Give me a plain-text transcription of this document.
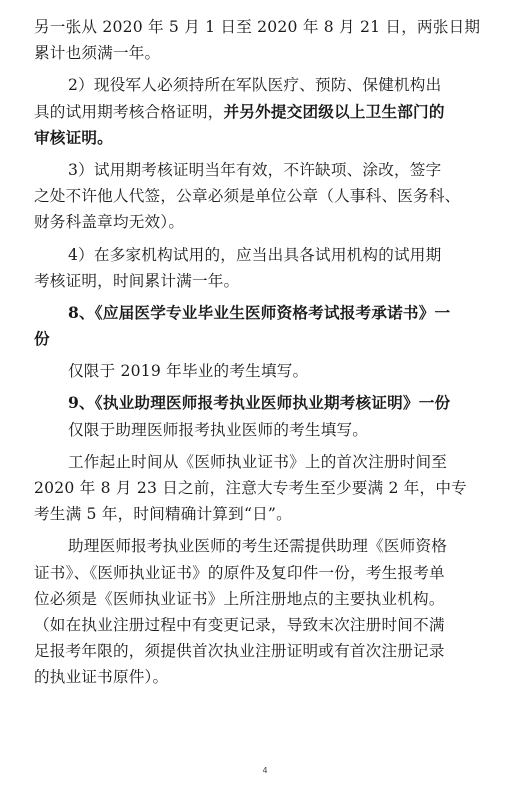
另一张从 2020 年 5 月 1 日至 2020 年 8 月 21 日，两张日期
累计也须满一年。
2）现役军人必须持所在军队医疗、预防、保健机构出
具的试用期考核合格证明，并另外提交团级以上卫生部门的
审核证明。
3）试用期考核证明当年有效，不许缺项、涂改，签字
之处不许他人代签，公章必须是单位公章（人事科、医务科、
财务科盖章均无效）。
4）在多家机构试用的，应当出具各试用机构的试用期
考核证明，时间累计满一年。
8、《应届医学专业毕业生医师资格考试报考承诺书》一
份
仅限于 2019 年毕业的考生填写。
9、《执业助理医师报考执业医师执业期考核证明》一份
仅限于助理医师报考执业医师的考生填写。
工作起止时间从《医师执业证书》上的首次注册时间至
2020 年 8 月 23 日之前，注意大专考生至少要满 2 年，中专
考生满 5 年，时间精确计算到“日”。
助理医师报考执业医师的考生还需提供助理《医师资格
证书》、《医师执业证书》的原件及复印件一份，考生报考单
位必须是《医师执业证书》上所注册地点的主要执业机构。
（如在执业注册过程中有变更记录，导致末次注册时间不满
足报考年限的，须提供首次执业注册证明或有首次注册记录
的执业证书原件）。
4
